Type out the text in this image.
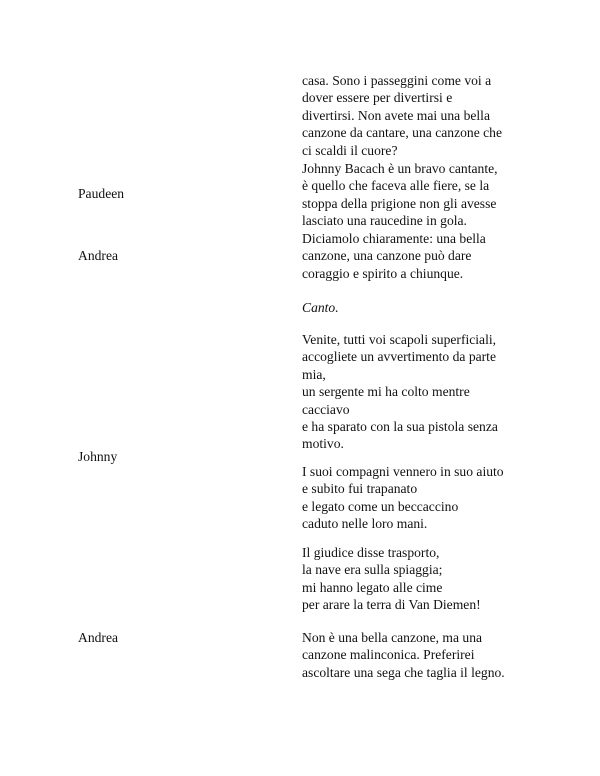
casa. Sono i passeggini come voi a
dover essere per divertirsi e
divertirsi. Non avete mai una bella
canzone da cantare, una canzone che
ci scaldi il cuore?
Paudeen
Johnny Bacach è un bravo cantante,
è quello che faceva alle fiere, se la
stoppa della prigione non gli avesse
lasciato una raucedine in gola.
Andrea
Diciamolo chiaramente: una bella
canzone, una canzone può dare
coraggio e spirito a chiunque.
Canto.
Johnny
Venite, tutti voi scapoli superficiali,
accogliete un avvertimento da parte
mia,
un sergente mi ha colto mentre
cacciavo
e ha sparato con la sua pistola senza
motivo.
I suoi compagni vennero in suo aiuto
e subito fui trapanato
e legato come un beccaccino
caduto nelle loro mani.
Il giudice disse trasporto,
la nave era sulla spiaggia;
mi hanno legato alle cime
per arare la terra di Van Diemen!
Andrea	Non è una bella canzone, ma una
canzone malinconica. Preferirei
ascoltare una sega che taglia il legno.
